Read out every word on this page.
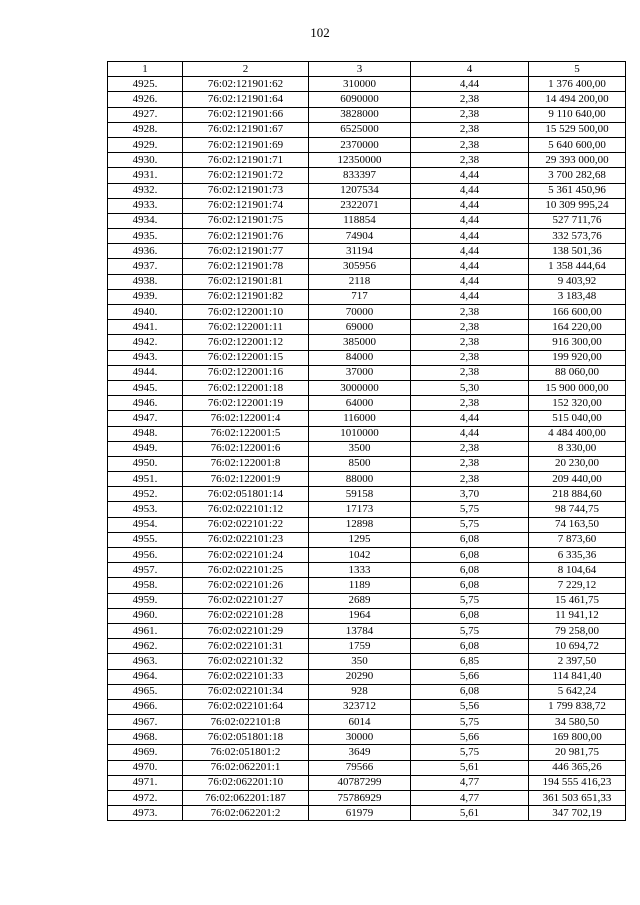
102
1	2	3	4	5
4925.	76:02:121901:62	310000	4,44	1 376 400,00
4926.	76:02:121901:64	6090000	2,38	14 494 200,00
4927.	76:02:121901:66	3828000	2,38	9 110 640,00
4928.	76:02:121901:67	6525000	2,38	15 529 500,00
4929.	76:02:121901:69	2370000	2,38	5 640 600,00
4930.	76:02:121901:71	12350000	2,38	29 393 000,00
4931.	76:02:121901:72	833397	4,44	3 700 282,68
4932.	76:02:121901:73	1207534	4,44	5 361 450,96
4933.	76:02:121901:74	2322071	4,44	10 309 995,24
4934.	76:02:121901:75	118854	4,44	527 711,76
4935.	76:02:121901:76	74904	4,44	332 573,76
4936.	76:02:121901:77	31194	4,44	138 501,36
4937.	76:02:121901:78	305956	4,44	1 358 444,64
4938.	76:02:121901:81	2118	4,44	9 403,92
4939.	76:02:121901:82	717	4,44	3 183,48
4940.	76:02:122001:10	70000	2,38	166 600,00
4941.	76:02:122001:11	69000	2,38	164 220,00
4942.	76:02:122001:12	385000	2,38	916 300,00
4943.	76:02:122001:15	84000	2,38	199 920,00
4944.	76:02:122001:16	37000	2,38	88 060,00
4945.	76:02:122001:18	3000000	5,30	15 900 000,00
4946.	76:02:122001:19	64000	2,38	152 320,00
4947.	76:02:122001:4	116000	4,44	515 040,00
4948.	76:02:122001:5	1010000	4,44	4 484 400,00
4949.	76:02:122001:6	3500	2,38	8 330,00
4950.	76:02:122001:8	8500	2,38	20 230,00
4951.	76:02:122001:9	88000	2,38	209 440,00
4952.	76:02:051801:14	59158	3,70	218 884,60
4953.	76:02:022101:12	17173	5,75	98 744,75
4954.	76:02:022101:22	12898	5,75	74 163,50
4955.	76:02:022101:23	1295	6,08	7 873,60
4956.	76:02:022101:24	1042	6,08	6 335,36
4957.	76:02:022101:25	1333	6,08	8 104,64
4958.	76:02:022101:26	1189	6,08	7 229,12
4959.	76:02:022101:27	2689	5,75	15 461,75
4960.	76:02:022101:28	1964	6,08	11 941,12
4961.	76:02:022101:29	13784	5,75	79 258,00
4962.	76:02:022101:31	1759	6,08	10 694,72
4963.	76:02:022101:32	350	6,85	2 397,50
4964.	76:02:022101:33	20290	5,66	114 841,40
4965.	76:02:022101:34	928	6,08	5 642,24
4966.	76:02:022101:64	323712	5,56	1 799 838,72
4967.	76:02:022101:8	6014	5,75	34 580,50
4968.	76:02:051801:18	30000	5,66	169 800,00
4969.	76:02:051801:2	3649	5,75	20 981,75
4970.	76:02:062201:1	79566	5,61	446 365,26
4971.	76:02:062201:10	40787299	4,77	194 555 416,23
4972.	76:02:062201:187	75786929	4,77	361 503 651,33
4973.	76:02:062201:2	61979	5,61	347 702,19
